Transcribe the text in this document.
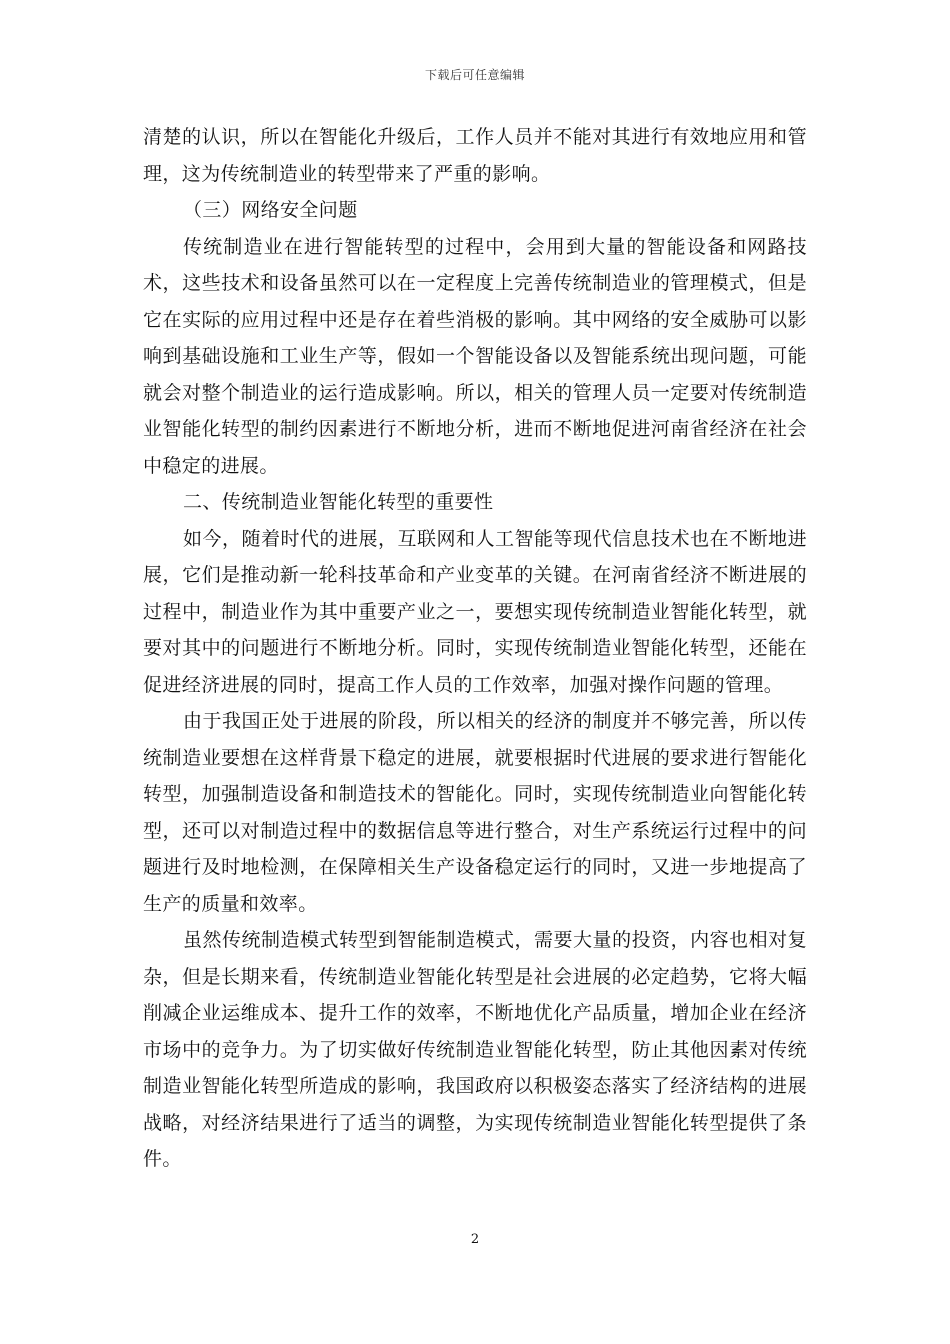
下载后可任意编辑

清楚的认识，所以在智能化升级后，工作人员并不能对其进行有效地应用和管理，这为传统制造业的转型带来了严重的影响。

（三）网络安全问题

传统制造业在进行智能转型的过程中，会用到大量的智能设备和网路技术，这些技术和设备虽然可以在一定程度上完善传统制造业的管理模式，但是它在实际的应用过程中还是存在着些消极的影响。其中网络的安全威胁可以影响到基础设施和工业生产等，假如一个智能设备以及智能系统出现问题，可能就会对整个制造业的运行造成影响。所以，相关的管理人员一定要对传统制造业智能化转型的制约因素进行不断地分析，进而不断地促进河南省经济在社会中稳定的进展。

二、传统制造业智能化转型的重要性

如今，随着时代的进展，互联网和人工智能等现代信息技术也在不断地进展，它们是推动新一轮科技革命和产业变革的关键。在河南省经济不断进展的过程中，制造业作为其中重要产业之一，要想实现传统制造业智能化转型，就要对其中的问题进行不断地分析。同时，实现传统制造业智能化转型，还能在促进经济进展的同时，提高工作人员的工作效率，加强对操作问题的管理。

由于我国正处于进展的阶段，所以相关的经济的制度并不够完善，所以传统制造业要想在这样背景下稳定的进展，就要根据时代进展的要求进行智能化转型，加强制造设备和制造技术的智能化。同时，实现传统制造业向智能化转型，还可以对制造过程中的数据信息等进行整合，对生产系统运行过程中的问题进行及时地检测，在保障相关生产设备稳定运行的同时，又进一步地提高了生产的质量和效率。

虽然传统制造模式转型到智能制造模式，需要大量的投资，内容也相对复杂，但是长期来看，传统制造业智能化转型是社会进展的必定趋势，它将大幅削减企业运维成本、提升工作的效率，不断地优化产品质量，增加企业在经济市场中的竞争力。为了切实做好传统制造业智能化转型，防止其他因素对传统制造业智能化转型所造成的影响，我国政府以积极姿态落实了经济结构的进展战略，对经济结果进行了适当的调整，为实现传统制造业智能化转型提供了条件。

2
